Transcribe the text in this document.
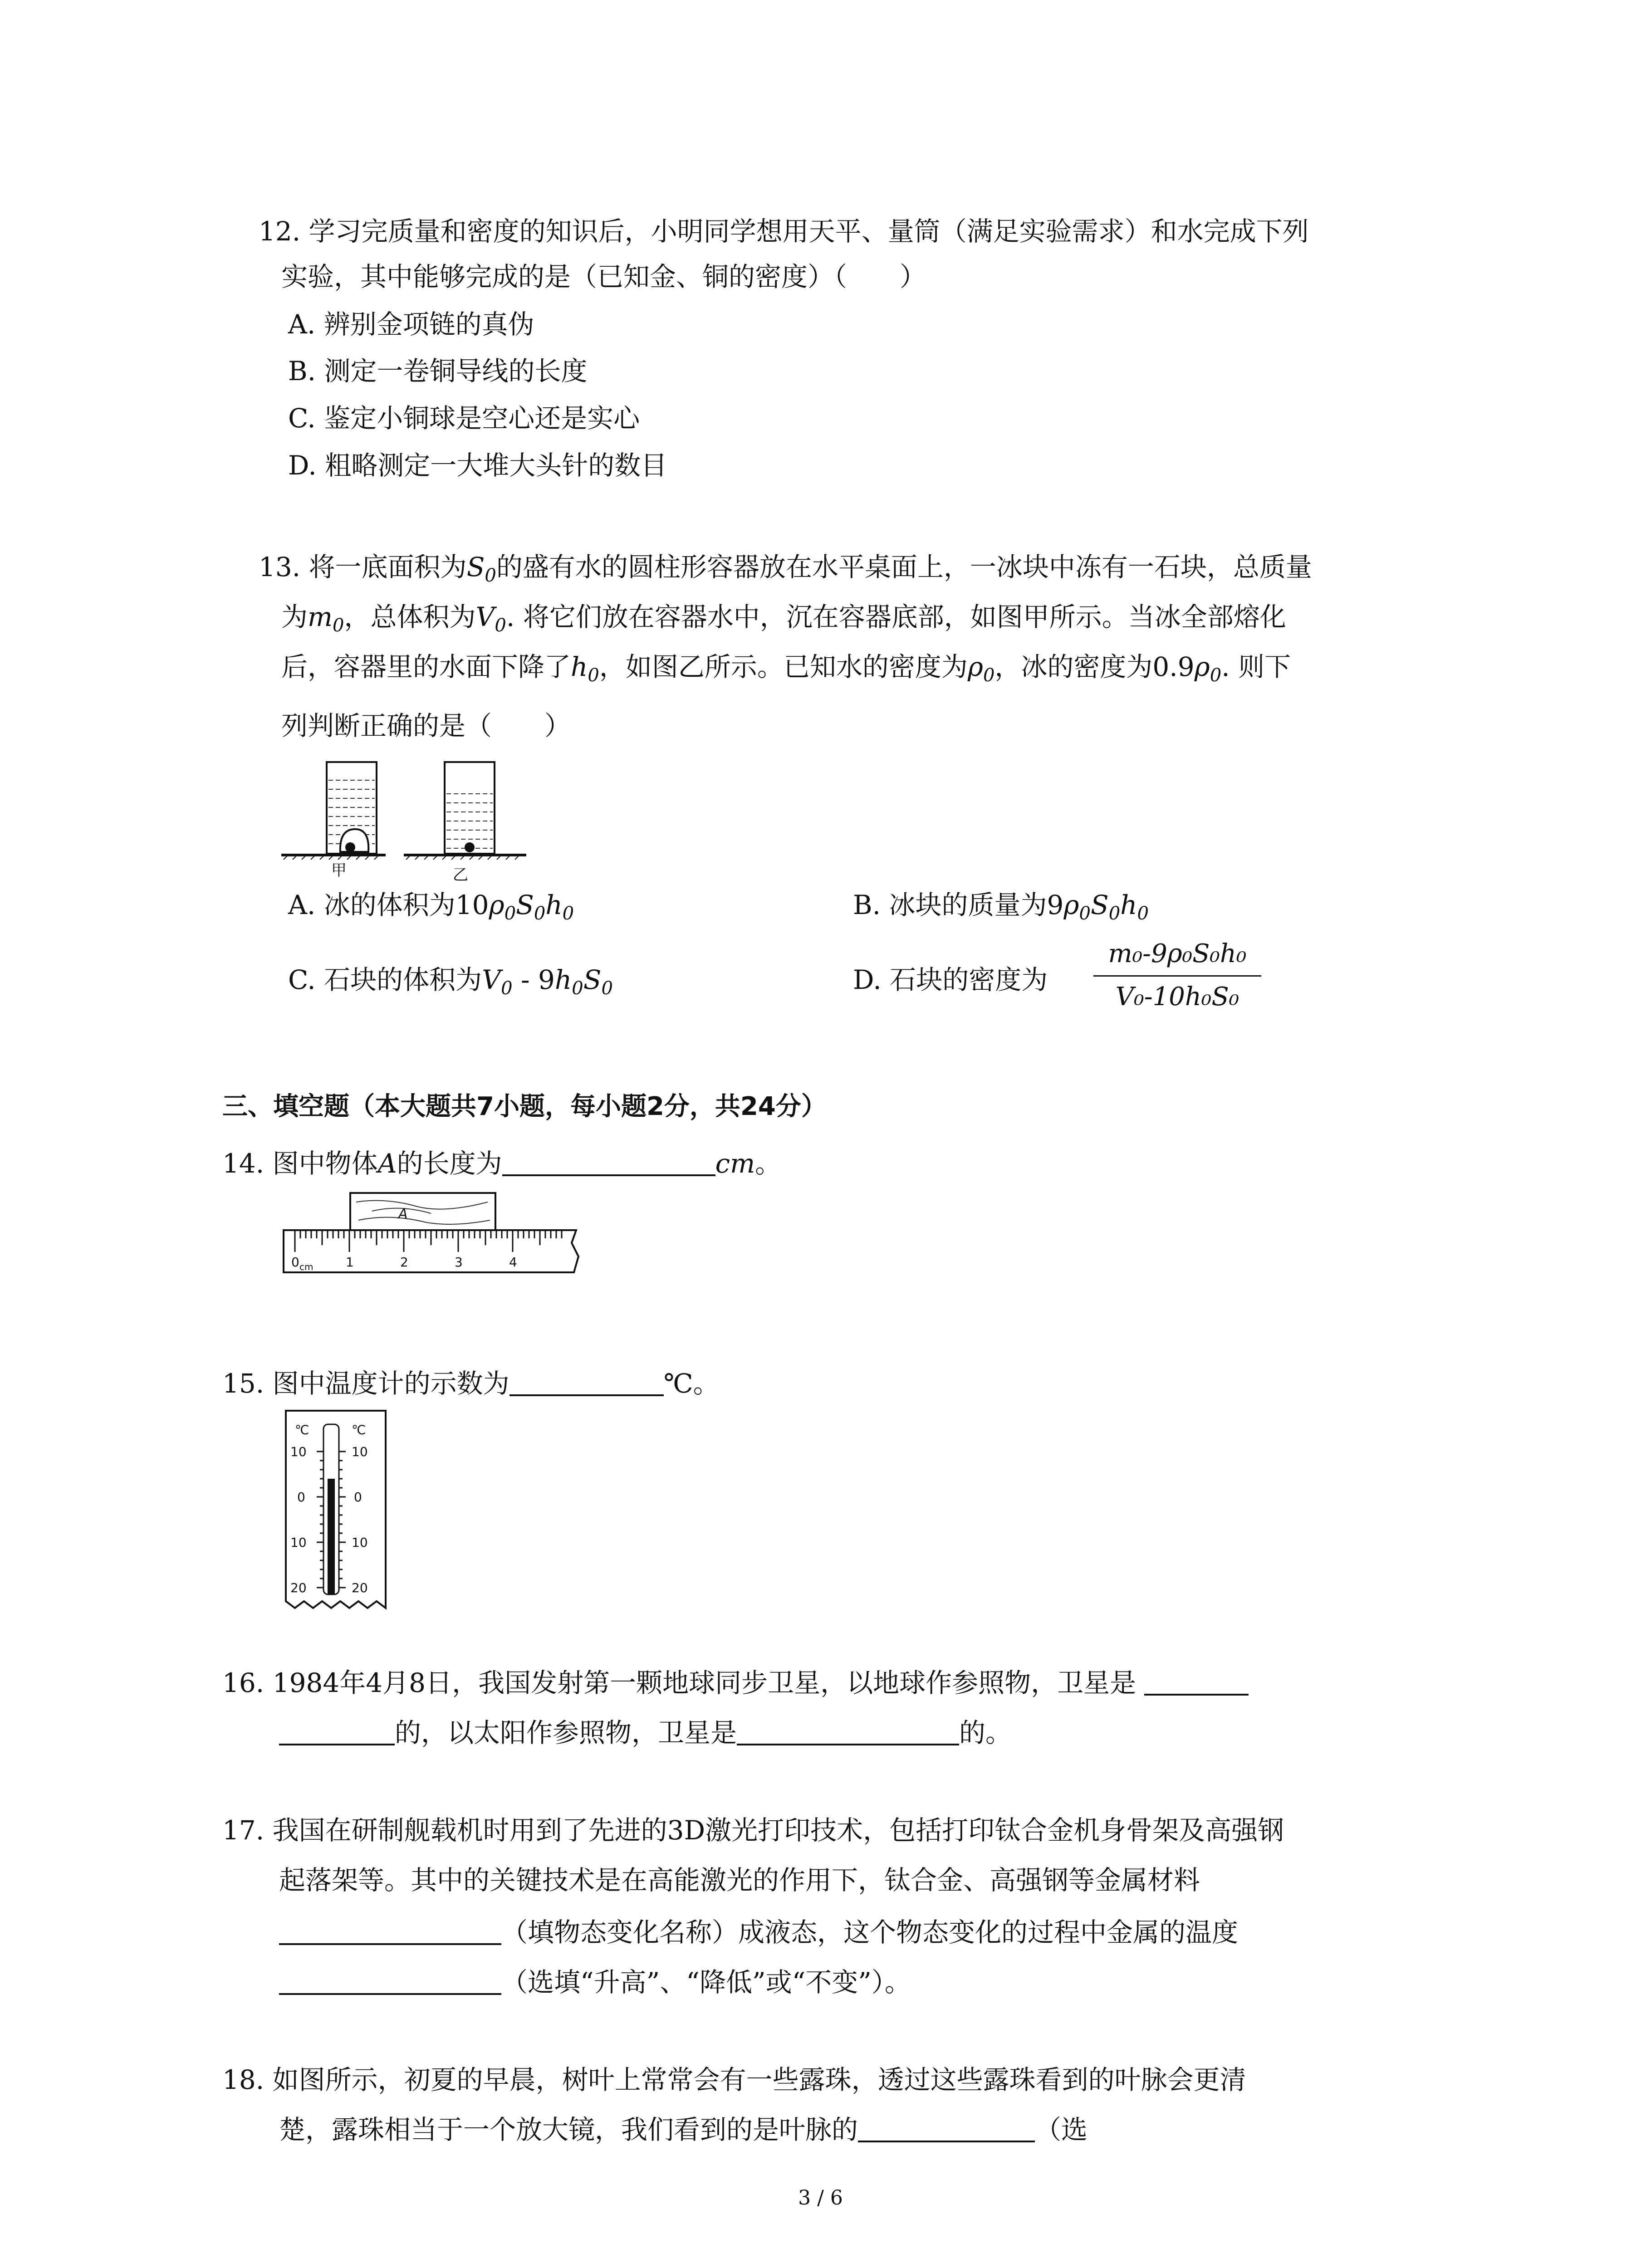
12. 学习完质量和密度的知识后，小明同学想用天平、量筒（满足实验需求）和水完成下列
实验，其中能够完成的是（已知金、铜的密度）（　　）
A. 辨别金项链的真伪
B. 测定一卷铜导线的长度
C. 鉴定小铜球是空心还是实心
D. 粗略测定一大堆大头针的数目
13. 将一底面积为$S_0$的盛有水的圆柱形容器放在水平桌面上，一冰块中冻有一石块，总质量
为$m_0$，总体积为$V_0$. 将它们放在容器水中，沉在容器底部，如图甲所示。当冰全部熔化
后，容器里的水面下降了$h_0$，如图乙所示。已知水的密度为$\rho_0$，冰的密度为$0.9\rho_0$. 则下
列判断正确的是（　　）
甲	乙
A. 冰的体积为$10\rho_0S_0h_0$	B. 冰块的质量为$9\rho_0S_0h_0$
C. 石块的体积为$V_0 - 9h_0S_0$	D. 石块的密度为
m₀-9ρ₀S₀h₀
V₀-10h₀S₀
三、填空题（本大题共7小题，每小题2分，共24分）
14. 图中物体A的长度为	cm。
A
0 cm	1	2	3	4
15. 图中温度计的示数为	℃。
℃
10
0
10
20
℃
10
0
10
20
16. 1984年4月8日，我国发射第一颗地球同步卫星，以地球作参照物，卫星是
的，以太阳作参照物，卫星是	的。
17. 我国在研制舰载机时用到了先进的3D激光打印技术，包括打印钛合金机身骨架及高强钢
起落架等。其中的关键技术是在高能激光的作用下，钛合金、高强钢等金属材料
（填物态变化名称）成液态，这个物态变化的过程中金属的温度
（选填“升高”、“降低”或“不变”）。
18. 如图所示，初夏的早晨，树叶上常常会有一些露珠，透过这些露珠看到的叶脉会更清
楚，露珠相当于一个放大镜，我们看到的是叶脉的	（选
3 / 6
